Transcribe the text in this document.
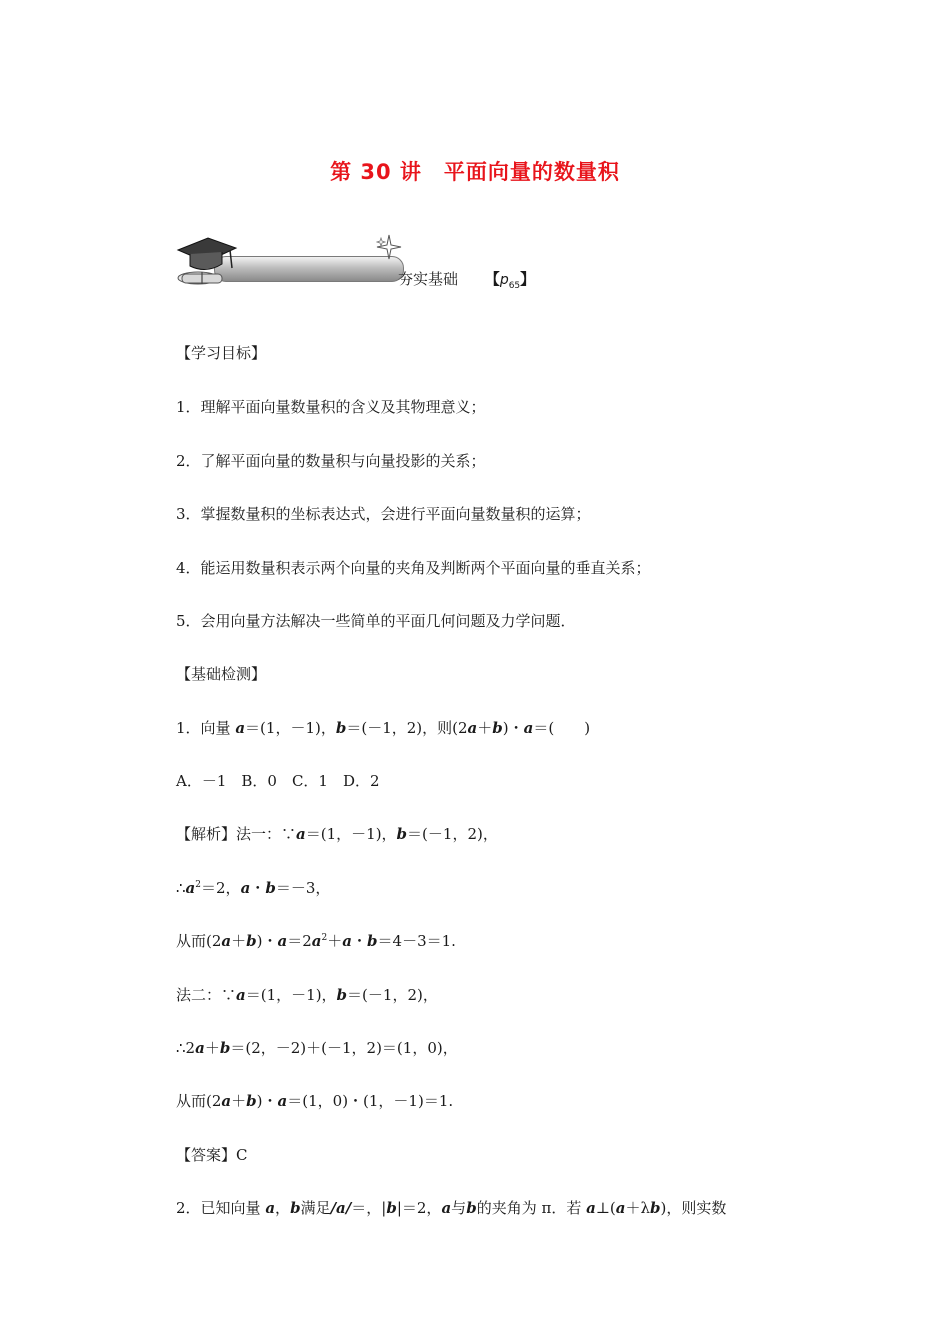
第 30 讲　平面向量的数量积
夯实基础 【$p_{65}$】
【学习目标】
1．理解平面向量数量积的含义及其物理意义；
2．了解平面向量的数量积与向量投影的关系；
3．掌握数量积的坐标表达式，会进行平面向量数量积的运算；
4．能运用数量积表示两个向量的夹角及判断两个平面向量的垂直关系；
5．会用向量方法解决一些简单的平面几何问题及力学问题．
【基础检测】
1．向量 a＝(1，－1)，b＝(－1，2)，则(2a＋b)・a＝(　　)
A．－1　B．0　C．1　D．2
【解析】法一：∵a＝(1，－1)，b＝(－1，2)，
$\therefore a^2=2$，a・b＝－3，
从而(2a＋b)・$a=2a^2+a$・b＝4－3＝1.
法二：∵a＝(1，－1)，b＝(－1，2)，
∴2a＋b＝(2，－2)＋(－1，2)＝(1，0)，
从而(2a＋b)・a＝(1，0)・(1，－1)＝1.
【答案】C
2．已知向量 a，b满足/a/＝，|b|＝2，a与b的夹角为 π．若 a⊥(a＋λb)，则实数
